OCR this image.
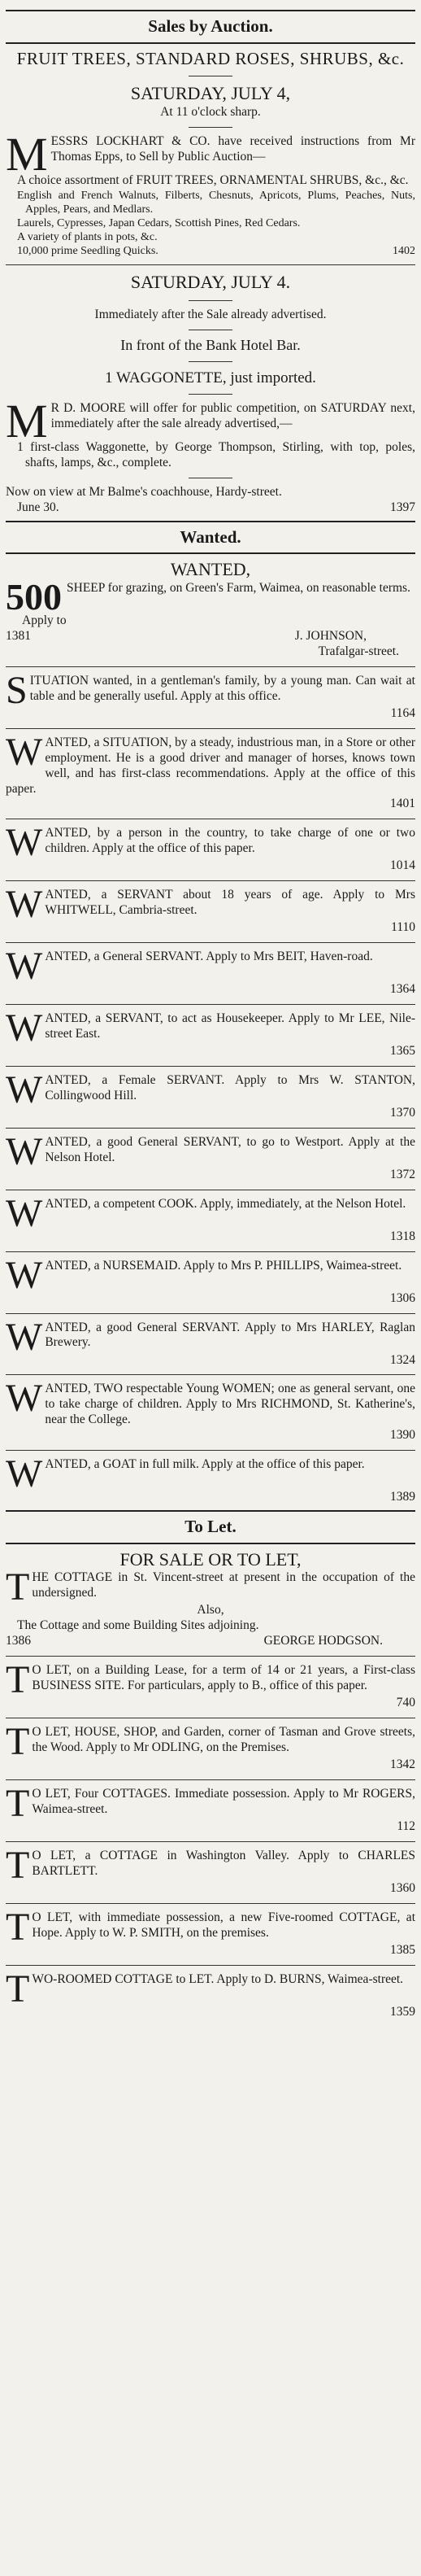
Sales by Auction.
FRUIT TREES, STANDARD ROSES, SHRUBS, &c.
SATURDAY, JULY 4,
At 11 o'clock sharp.

MESSRS LOCKHART & CO. have received instructions from Mr Thomas Epps, to Sell by Public Auction—

A choice assortment of FRUIT TREES, ORNAMENTAL SHRUBS, &c., &c.

English and French Walnuts, Filberts, Chesnuts, Apricots, Plums, Peaches, Nuts, Apples, Pears, and Medlars.

Laurels, Cypresses, Japan Cedars, Scottish Pines, Red Cedars.

A variety of plants in pots, &c.

10,000 prime Seedling Quicks.	1402
SATURDAY, JULY 4.
Immediately after the Sale already advertised.
In front of the Bank Hotel Bar.
1 WAGGONETTE, just imported.

M R D. MOORE will offer for public competition, on SATURDAY next, immediately after the sale already advertised,—

1 first-class Waggonette, by George Thompson, Stirling, with top, poles, shafts, lamps, &c., complete.

Now on view at Mr Balme's coachhouse, Hardy-street.

June 30.	1397
Wanted.
WANTED,

500 SHEEP for grazing, on Green's Farm, Waimea, on reasonable terms.

Apply to

1381	J. JOHNSON,
Trafalgar-street.

SITUATION wanted, in a gentleman's family, by a young man. Can wait at table and be generally useful. Apply at this office.

1164

WANTED, a SITUATION, by a steady, industrious man, in a Store or other employment. He is a good driver and manager of horses, knows town well, and has first-class recommendations. Apply at the office of this paper.

1401

WANTED, by a person in the country, to take charge of one or two children. Apply at the office of this paper.

1014

WANTED, a SERVANT about 18 years of age. Apply to Mrs WHITWELL, Cambria-street.

1110

WANTED, a General SERVANT. Apply to Mrs BEIT, Haven-road.

1364

WANTED, a SERVANT, to act as Housekeeper. Apply to Mr LEE, Nile-street East.

1365

WANTED, a Female SERVANT. Apply to Mrs W. STANTON, Collingwood Hill.

1370

WANTED, a good General SERVANT, to go to Westport. Apply at the Nelson Hotel.

1372

WANTED, a competent COOK. Apply, immediately, at the Nelson Hotel.

1318

WANTED, a NURSEMAID. Apply to Mrs P. PHILLIPS, Waimea-street.

1306

WANTED, a good General SERVANT. Apply to Mrs HARLEY, Raglan Brewery.

1324

WANTED, TWO respectable Young WOMEN; one as general servant, one to take charge of children. Apply to Mrs RICHMOND, St. Katherine's, near the College.

1390

WANTED, a GOAT in full milk. Apply at the office of this paper.

1389
To Let.
FOR SALE OR TO LET,

THE COTTAGE in St. Vincent-street at present in the occupation of the undersigned.

Also,

The Cottage and some Building Sites adjoining.

1386	GEORGE HODGSON.

T O LET, on a Building Lease, for a term of 14 or 21 years, a First-class BUSINESS SITE. For particulars, apply to B., office of this paper.

740

T O LET, HOUSE, SHOP, and Garden, corner of Tasman and Grove streets, the Wood. Apply to Mr ODLING, on the Premises.

1342

T O LET, Four COTTAGES. Immediate possession. Apply to Mr ROGERS, Waimea-street.

112

T O LET, a COTTAGE in Washington Valley. Apply to CHARLES BARTLETT.

1360

T O LET, with immediate possession, a new Five-roomed COTTAGE, at Hope. Apply to W. P. SMITH, on the premises.

1385

TWO-ROOMED COTTAGE to LET. Apply to D. BURNS, Waimea-street.

1359
